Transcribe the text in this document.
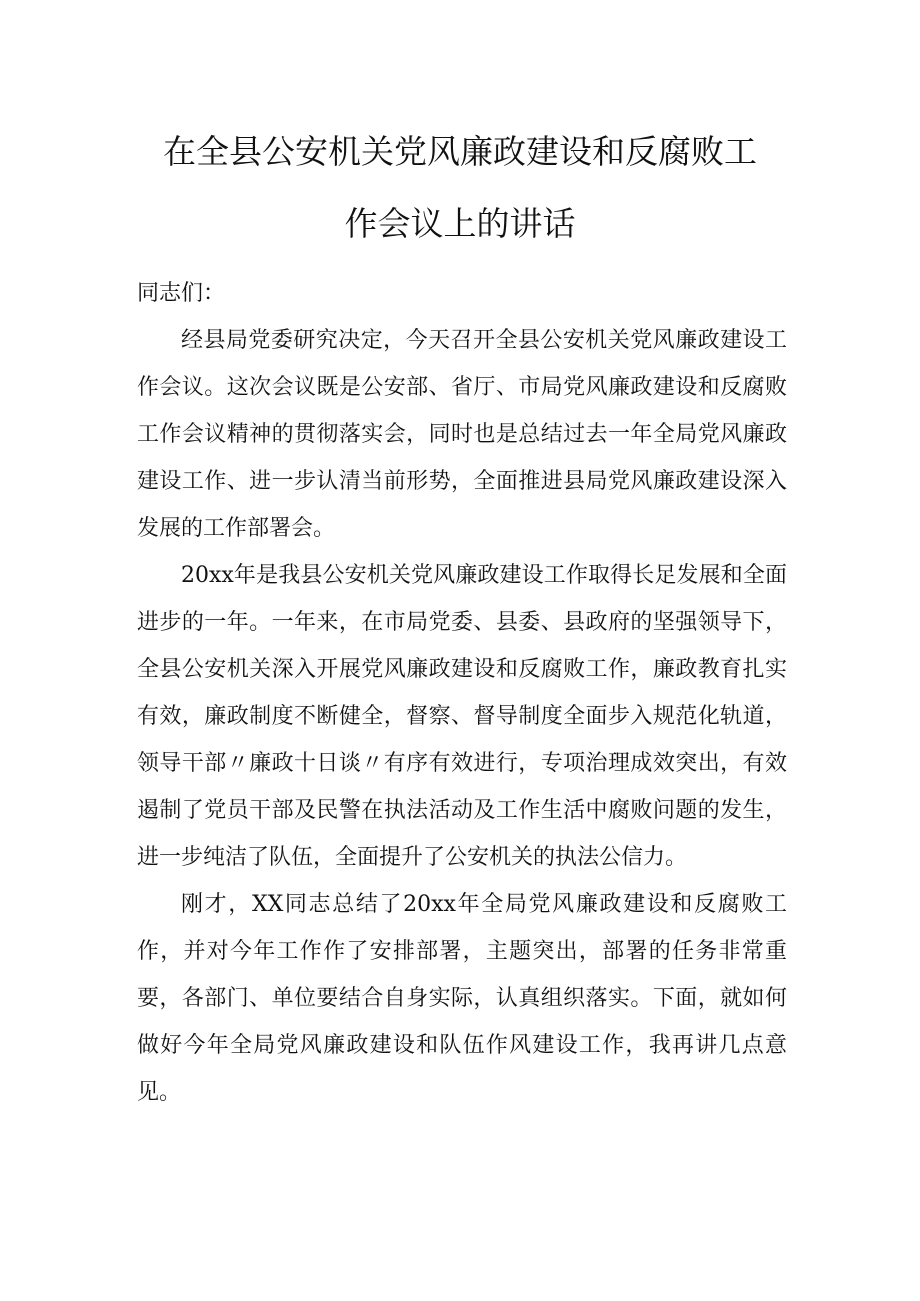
在全县公安机关党风廉政建设和反腐败工
作会议上的讲话

同志们：

经县局党委研究决定，今天召开全县公安机关党风廉政建设工作会议。这次会议既是公安部、省厅、市局党风廉政建设和反腐败工作会议精神的贯彻落实会，同时也是总结过去一年全局党风廉政建设工作、进一步认清当前形势，全面推进县局党风廉政建设深入发展的工作部署会。

20xx年是我县公安机关党风廉政建设工作取得长足发展和全面进步的一年。一年来，在市局党委、县委、县政府的坚强领导下，全县公安机关深入开展党风廉政建设和反腐败工作，廉政教育扎实有效，廉政制度不断健全，督察、督导制度全面步入规范化轨道，领导干部〃廉政十日谈〃有序有效进行，专项治理成效突出，有效遏制了党员干部及民警在执法活动及工作生活中腐败问题的发生，进一步纯洁了队伍，全面提升了公安机关的执法公信力。

刚才，XX同志总结了20xx年全局党风廉政建设和反腐败工作，并对今年工作作了安排部署，主题突出，部署的任务非常重要，各部门、单位要结合自身实际，认真组织落实。下面，就如何做好今年全局党风廉政建设和队伍作风建设工作，我再讲几点意见。
